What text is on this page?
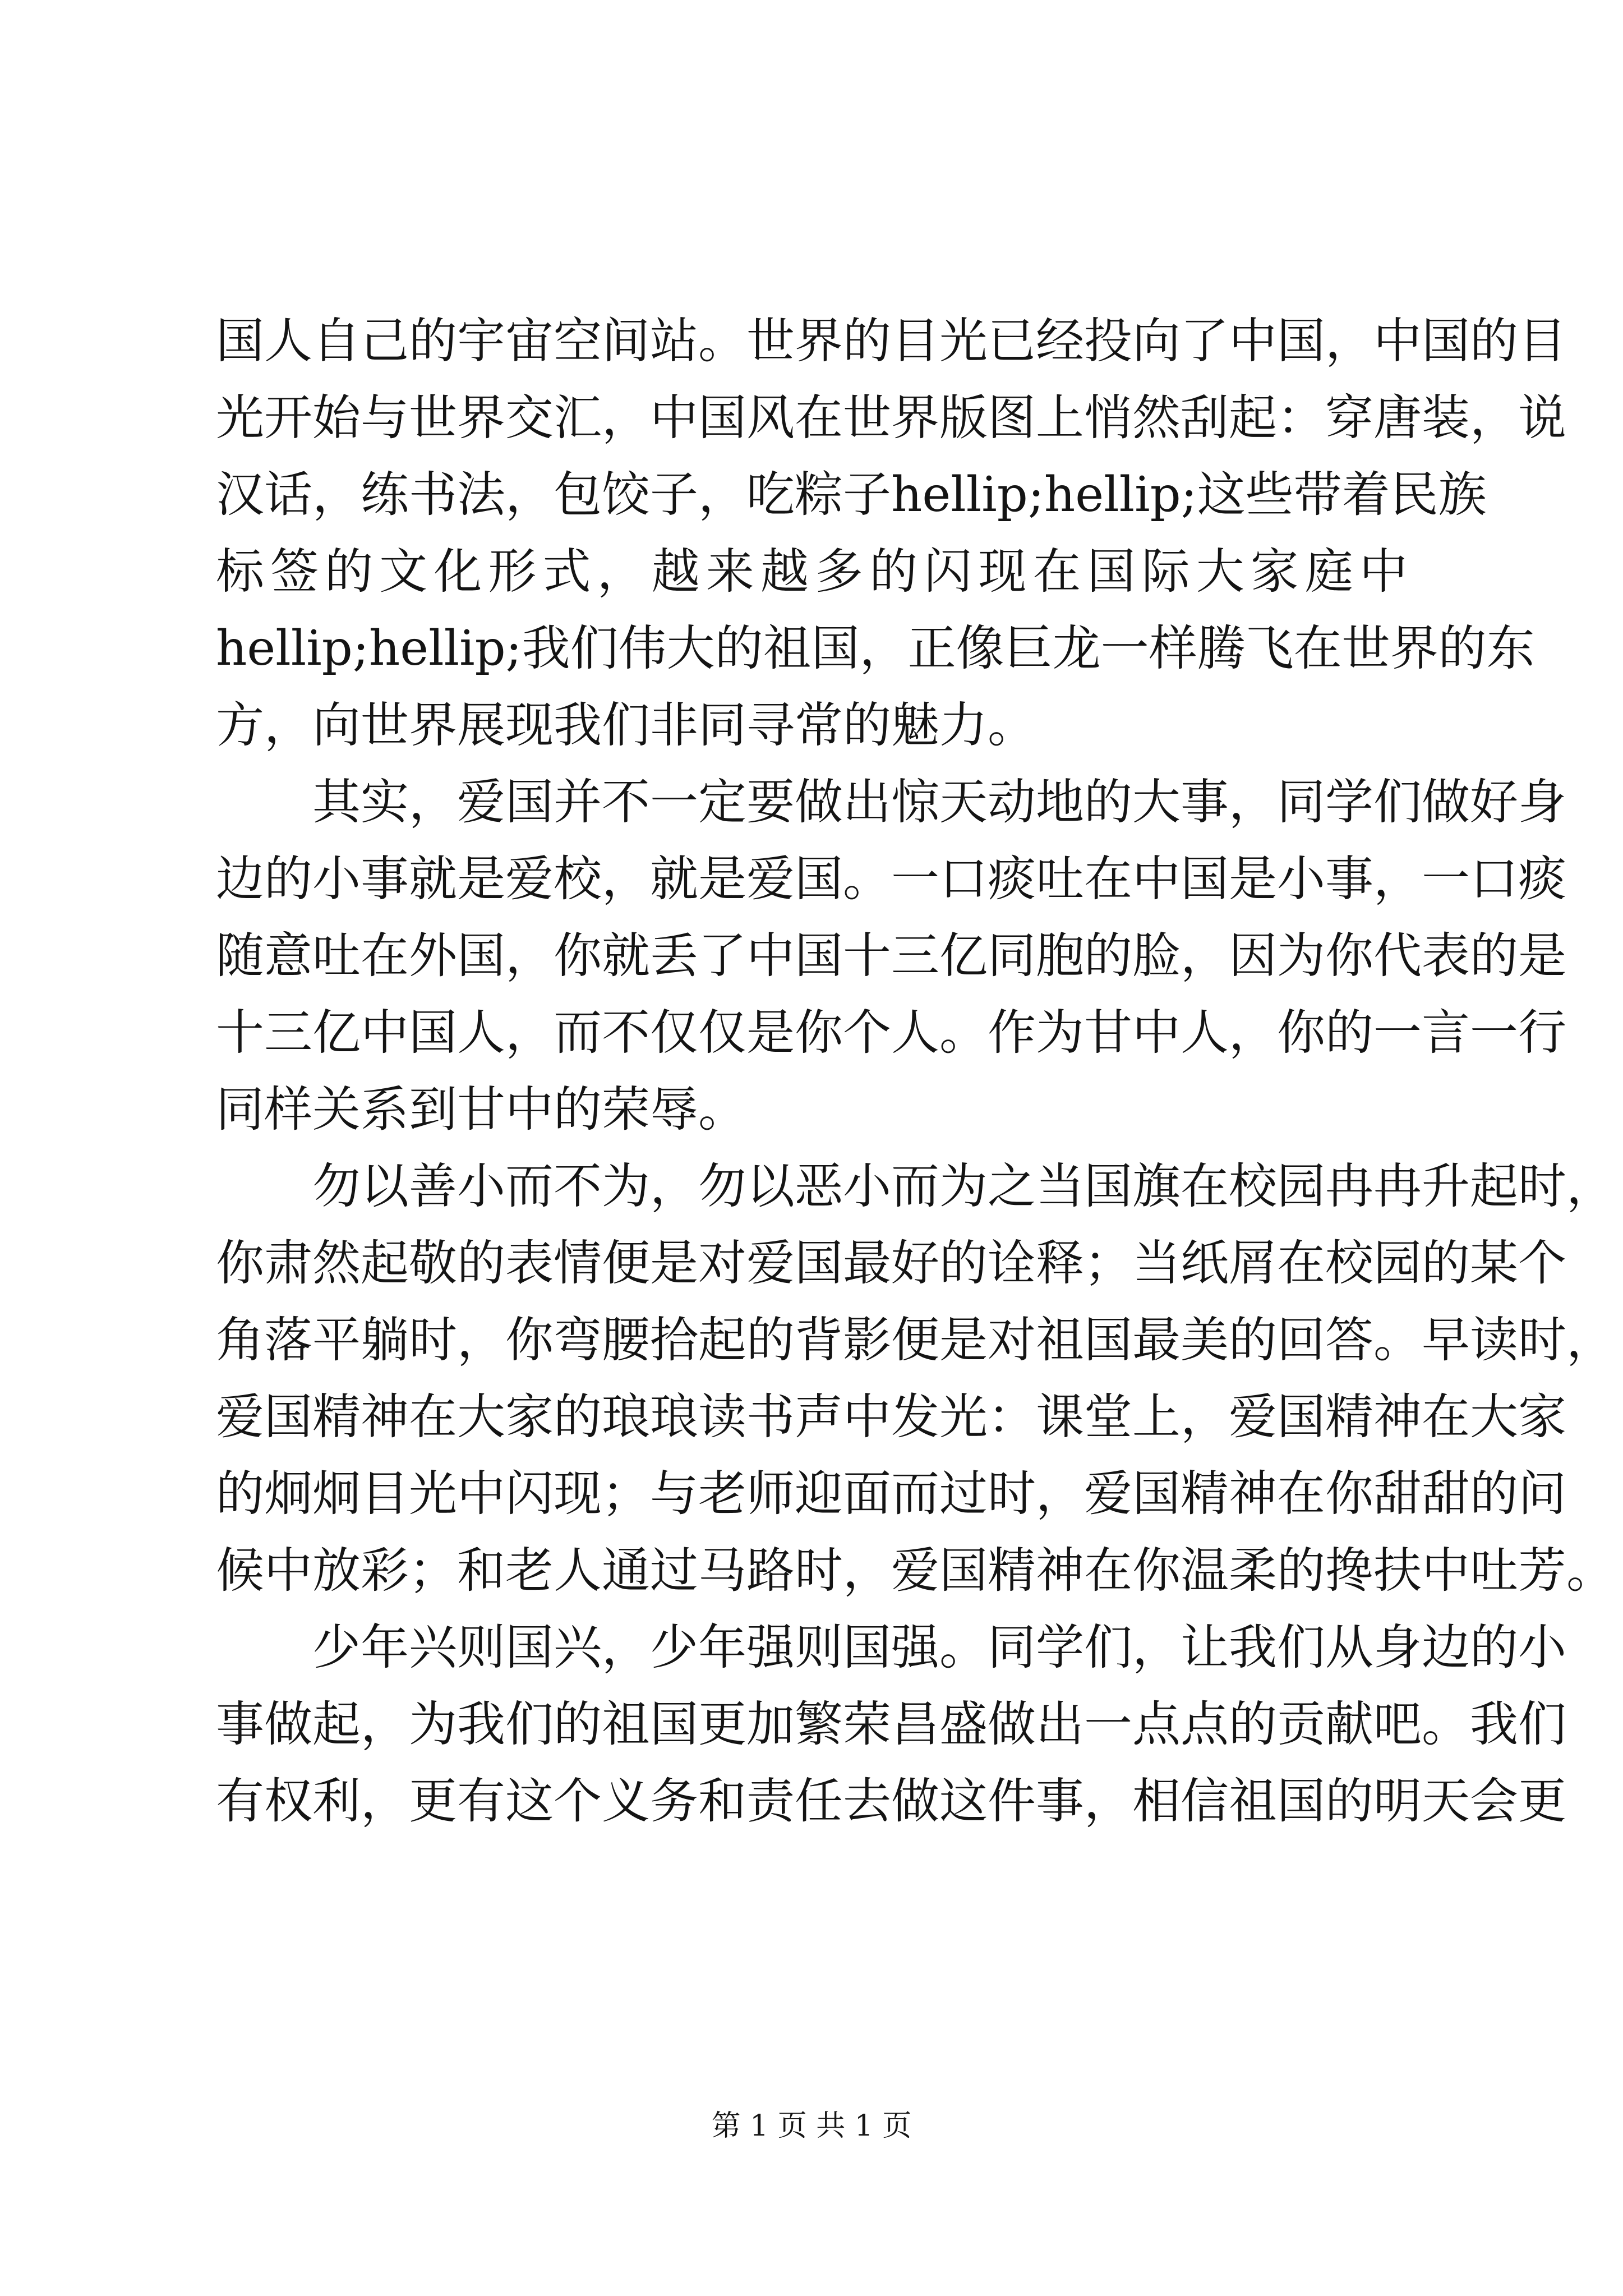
国人自己的宇宙空间站。世界的目光已经投向了中国，中国的目
光开始与世界交汇，中国风在世界版图上悄然刮起：穿唐装，说
汉话，练书法，包饺子，吃粽子hellip;hellip;这些带着民族
标签的文化形式，越来越多的闪现在国际大家庭中
hellip;hellip;我们伟大的祖国，正像巨龙一样腾飞在世界的东
方，向世界展现我们非同寻常的魅力。
其实，爱国并不一定要做出惊天动地的大事，同学们做好身
边的小事就是爱校，就是爱国。一口痰吐在中国是小事，一口痰
随意吐在外国，你就丢了中国十三亿同胞的脸，因为你代表的是
十三亿中国人，而不仅仅是你个人。作为甘中人，你的一言一行
同样关系到甘中的荣辱。
勿以善小而不为，勿以恶小而为之当国旗在校园冉冉升起时，
你肃然起敬的表情便是对爱国最好的诠释；当纸屑在校园的某个
角落平躺时，你弯腰拾起的背影便是对祖国最美的回答。早读时，
爱国精神在大家的琅琅读书声中发光：课堂上，爱国精神在大家
的炯炯目光中闪现；与老师迎面而过时，爱国精神在你甜甜的问
候中放彩；和老人通过马路时，爱国精神在你温柔的搀扶中吐芳。
少年兴则国兴，少年强则国强。同学们，让我们从身边的小
事做起，为我们的祖国更加繁荣昌盛做出一点点的贡献吧。我们
有权利，更有这个义务和责任去做这件事，相信祖国的明天会更
第 1 页 共 1 页
